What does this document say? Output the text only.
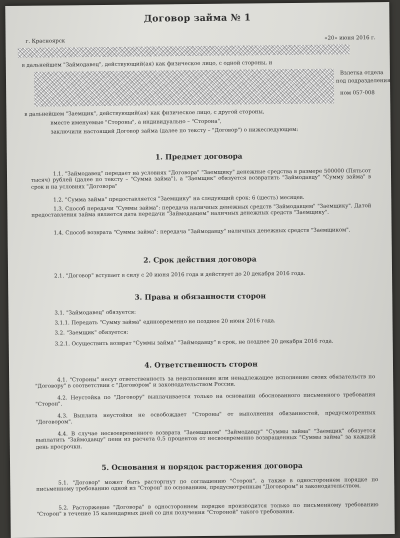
Договор займа № 1
г. Красноярск	«20» июня 2016 г.
в дальнейшем "Займодавец", действующий(ая) как физическое лицо, с одной стороны, и
Взлетка отдела
под подразделения
ном 057-008
в дальнейшем "Заемщик", действующий(ая) как физическое лицо, с другой стороны,
вместе именуемые "Стороны", а индивидуально – "Сторона",
заключили настоящий Договор займа (далее по тексту – "Договор") о нижеследующем:
1. Предмет договора
1.1. "Займодавец" передает на условиях "Договора" "Заемщику" денежные средства в размере 500000 (Пятьсот тысяч) рублей (далее по тексту – "Сумма займа"), а "Заемщик" обязуется возвратить "Займодавцу" "Сумму займа" в срок и на условиях "Договора"
1.2. "Сумма займа" предоставляется "Заемщику" на следующий срок: 6 (шесть) месяцев.
1.3. Способ передачи "Суммы займа": передача наличных денежных средств "Займодавцем" "Заемщику". Датой предоставления займа является дата передачи "Займодавцем" наличных денежных средств "Заемщику".
1.4. Способ возврата "Суммы займа": передача "Займодавцу" наличных денежных средств "Заемщиком".
2. Срок действия договора
2.1. "Договор" вступает в силу с 20 июня 2016 года и действует до 20 декабря 2016 года.
3. Права и обязанности сторон
3.1. "Займодавец" обязуется:
3.1.1. Передать "Сумму займа" единовременно не позднее 20 июня 2016 года.
3.2. "Заемщик" обязуется:
3.2.1. Осуществить возврат "Суммы займа" "Займодавцу" в срок, не позднее 20 декабря 2016 года.
4. Ответственность сторон
4.1. "Стороны" несут ответственность за неисполнение или ненадлежащее исполнение своих обязательств по "Договору" в соответствии с "Договором" и законодательством России.
4.2. Неустойка по "Договору" выплачивается только на основании обоснованного письменного требования "Сторон".
4.3. Выплата неустойки не освобождает "Стороны" от выполнения обязанностей, предусмотренных "Договором".
4.4. В случае несвоевременного возврата "Заемщиком" "Займодавцу" "Суммы займа" "Заемщик" обязуется выплатить "Займодавцу" пени из расчета 0,5 процентов от несвоевременно возвращенных "Суммы займа" за каждый день просрочки.
5. Основания и порядок расторжения договора
5.1. "Договор" может быть расторгнут по соглашению "Сторон", а также в одностороннем порядке по письменному требованию одной из "Сторон" по основаниям, предусмотренным "Договором" и законодательством.
5.2. Расторжение "Договора" в одностороннем порядке производится только по письменному требованию "Сторон" в течение 15 календарных дней со дня получения "Стороной" такого требования.
